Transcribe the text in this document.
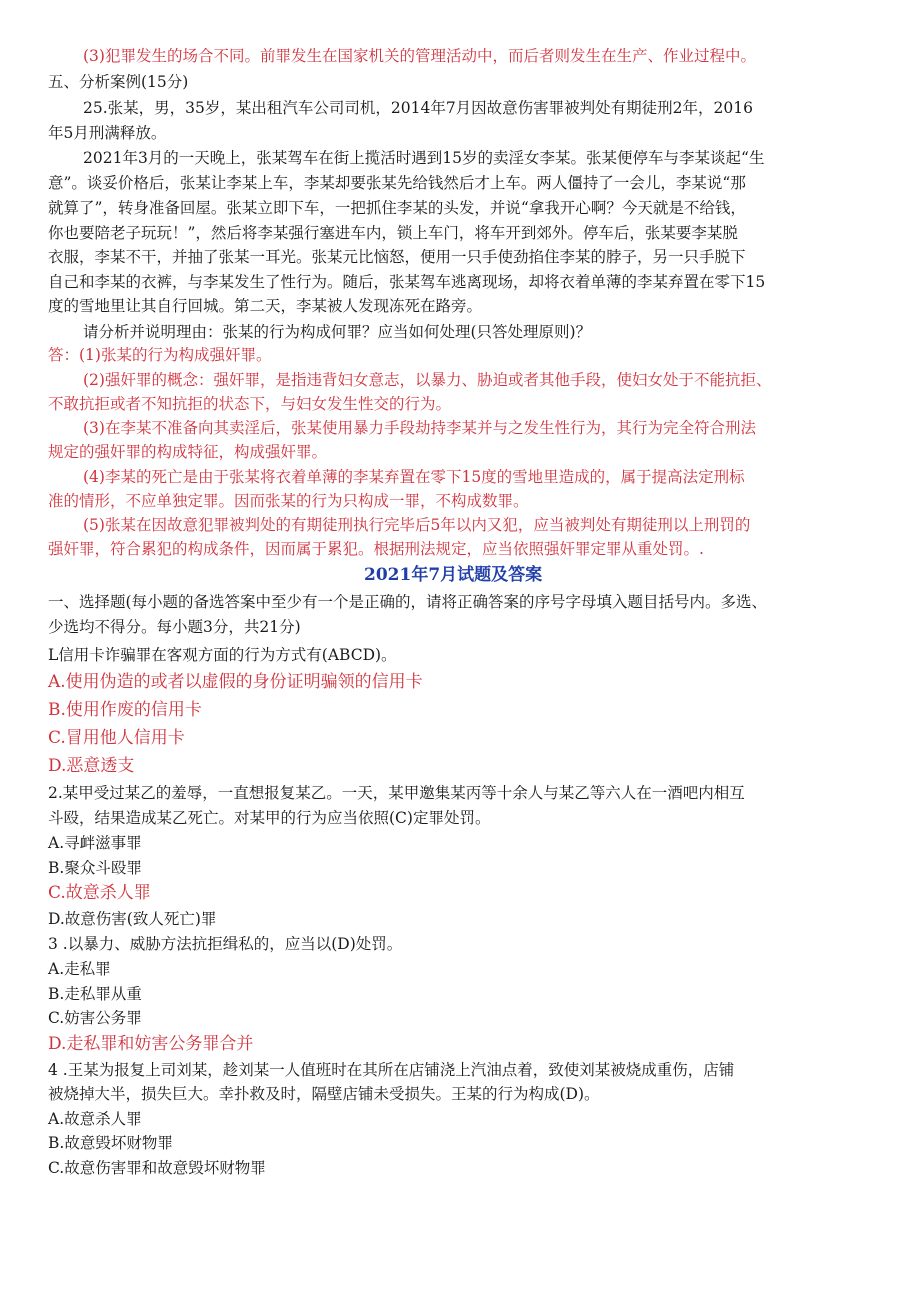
(3)犯罪发生的场合不同。前罪发生在国家机关的管理活动中，而后者则发生在生产、作业过程中。
五、分析案例(15分)
25.张某，男，35岁，某出租汽车公司司机，2014年7月因故意伤害罪被判处有期徒刑2年，2016
年5月刑满释放。
2021年3月的一天晚上，张某驾车在街上揽活时遇到15岁的卖淫女李某。张某便停车与李某谈起“生
意”。谈妥价格后，张某让李某上车，李某却要张某先给钱然后才上车。两人僵持了一会儿，李某说“那
就算了”，转身准备回屋。张某立即下车，一把抓住李某的头发，并说“拿我开心啊？今天就是不给钱，
你也要陪老子玩玩！”，然后将李某强行塞进车内，锁上车门，将车开到郊外。停车后，张某要李某脱
衣服，李某不干，并抽了张某一耳光。张某元比恼怒，便用一只手使劲掐住李某的脖子，另一只手脱下
自己和李某的衣裤，与李某发生了性行为。随后，张某驾车逃离现场，却将衣着单薄的李某弃置在零下15
度的雪地里让其自行回城。第二天，李某被人发现冻死在路旁。
请分析并说明理由：张某的行为构成何罪？应当如何处理(只答处理原则)？
答：(1)张某的行为构成强奸罪。
(2)强奸罪的概念：强奸罪，是指违背妇女意志，以暴力、胁迫或者其他手段，使妇女处于不能抗拒、
不敢抗拒或者不知抗拒的状态下，与妇女发生性交的行为。
(3)在李某不准备向其卖淫后，张某使用暴力手段劫持李某并与之发生性行为，其行为完全符合刑法
规定的强奸罪的构成特征，构成强奸罪。
(4)李某的死亡是由于张某将衣着单薄的李某弃置在零下15度的雪地里造成的，属于提高法定刑标
准的情形，不应单独定罪。因而张某的行为只构成一罪，不构成数罪。
(5)张某在因故意犯罪被判处的有期徒刑执行完毕后5年以内又犯，应当被判处有期徒刑以上刑罚的
强奸罪，符合累犯的构成条件，因而属于累犯。根据刑法规定，应当依照强奸罪定罪从重处罚。.
2021年7月试题及答案
一、选择题(每小题的备选答案中至少有一个是正确的，请将正确答案的序号字母填入题目括号内。多选、
少选均不得分。每小题3分，共21分)
L信用卡诈骗罪在客观方面的行为方式有(ABCD)。
A.使用伪造的或者以虚假的身份证明骗领的信用卡
B.使用作废的信用卡
C.冒用他人信用卡
D.恶意透支
2.某甲受过某乙的羞辱，一直想报复某乙。一天，某甲邀集某丙等十余人与某乙等六人在一酒吧内相互
斗殴，结果造成某乙死亡。对某甲的行为应当依照(C)定罪处罚。
A.寻衅滋事罪
B.聚众斗殴罪
C.故意杀人罪
D.故意伤害(致人死亡)罪
3 .以暴力、威胁方法抗拒缉私的，应当以(D)处罚。
A.走私罪
B.走私罪从重
C.妨害公务罪
D.走私罪和妨害公务罪合并
4 .王某为报复上司刘某，趁刘某一人值班时在其所在店铺浇上汽油点着，致使刘某被烧成重伤，店铺
被烧掉大半，损失巨大。幸扑救及时，隔壁店铺未受损失。王某的行为构成(D)。
A.故意杀人罪
B.故意毁坏财物罪
C.故意伤害罪和故意毁坏财物罪
